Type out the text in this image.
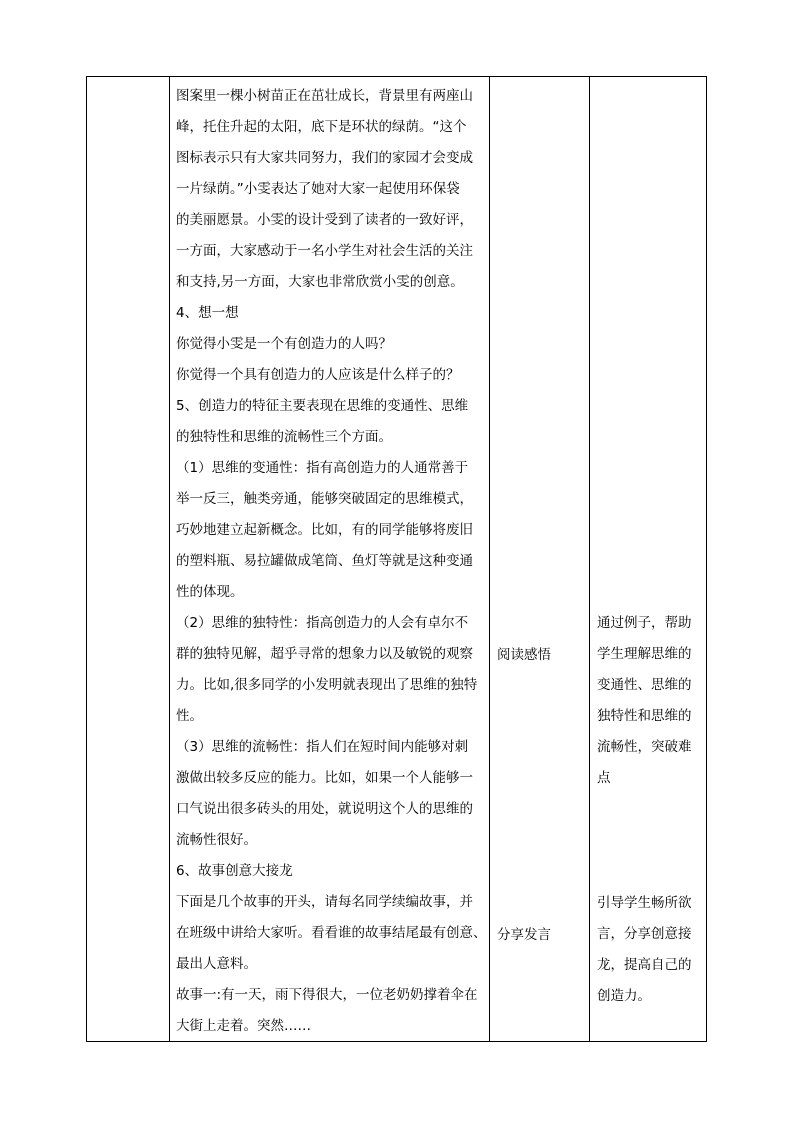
图案里一棵小树苗正在茁壮成长，背景里有两座山

峰，托住升起的太阳，底下是环状的绿荫。“这个

图标表示只有大家共同努力，我们的家园才会变成

一片绿荫。”小雯表达了她对大家一起使用环保袋

的美丽愿景。小雯的设计受到了读者的一致好评，

一方面，大家感动于一名小学生对社会生活的关注

和支持,另一方面，大家也非常欣赏小雯的创意。

4、想一想

你觉得小雯是一个有创造力的人吗？

你觉得一个具有创造力的人应该是什么样子的？

5、创造力的特征主要表现在思维的变通性、思维

的独特性和思维的流畅性三个方面。

（1）思维的变通性：指有高创造力的人通常善于

举一反三，触类旁通，能够突破固定的思维模式，

巧妙地建立起新概念。比如，有的同学能够将废旧

的塑料瓶、易拉罐做成笔筒、鱼灯等就是这种变通

性的体现。

（2）思维的独特性：指高创造力的人会有卓尔不

群的独特见解，超乎寻常的想象力以及敏锐的观察

力。比如,很多同学的小发明就表现出了思维的独特

性。

（3）思维的流畅性：指人们在短时间内能够对刺

激做出较多反应的能力。比如，如果一个人能够一

口气说出很多砖头的用处，就说明这个人的思维的

流畅性很好。

6、故事创意大接龙

下面是几个故事的开头，请每名同学续编故事，并

在班级中讲给大家听。看看谁的故事结尾最有创意、

最出人意料。

故事一:有一天，雨下得很大，一位老奶奶撑着伞在

大街上走着。突然……

阅读感悟
分享发言

通过例子，帮助

学生理解思维的

变通性、思维的

独特性和思维的

流畅性，突破难

点

引导学生畅所欲

言，分享创意接

龙，提高自己的

创造力。
